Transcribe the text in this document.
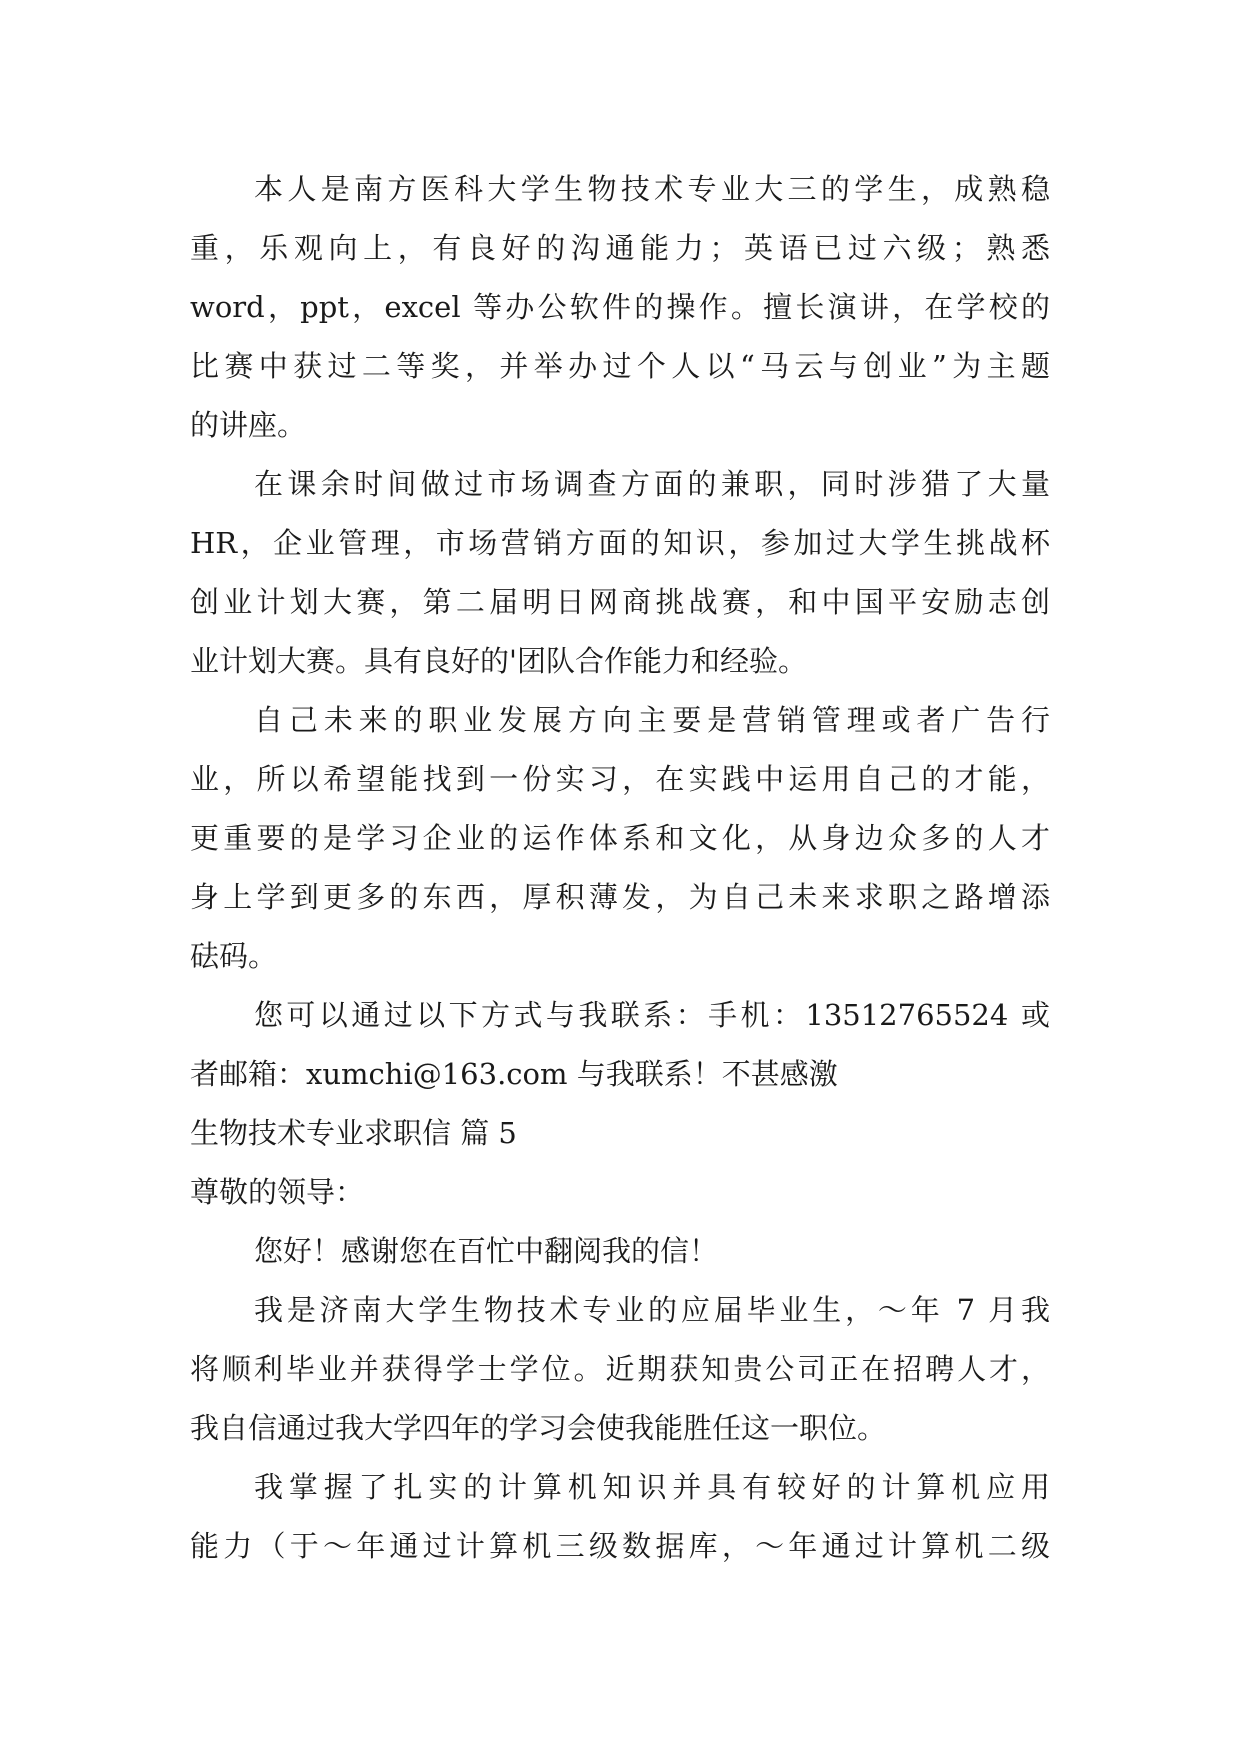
本人是南方医科大学生物技术专业大三的学生，成熟稳
重，乐观向上，有良好的沟通能力；英语已过六级；熟悉
word，ppt，excel 等办公软件的操作。擅长演讲，在学校的
比赛中获过二等奖，并举办过个人以“马云与创业”为主题
的讲座。
在课余时间做过市场调查方面的兼职，同时涉猎了大量
HR，企业管理，市场营销方面的知识，参加过大学生挑战杯
创业计划大赛，第二届明日网商挑战赛，和中国平安励志创
业计划大赛。具有良好的'团队合作能力和经验。
自己未来的职业发展方向主要是营销管理或者广告行
业，所以希望能找到一份实习，在实践中运用自己的才能，
更重要的是学习企业的运作体系和文化，从身边众多的人才
身上学到更多的东西，厚积薄发，为自己未来求职之路增添
砝码。
您可以通过以下方式与我联系：手机：13512765524 或
者邮箱：xumchi@163.com 与我联系！不甚感激
生物技术专业求职信 篇 5
尊敬的领导：
您好！感谢您在百忙中翻阅我的信！
我是济南大学生物技术专业的应届毕业生，～年 7 月我
将顺利毕业并获得学士学位。近期获知贵公司正在招聘人才，
我自信通过我大学四年的学习会使我能胜任这一职位。
我掌握了扎实的计算机知识并具有较好的计算机应用
能力（于～年通过计算机三级数据库，～年通过计算机二级
